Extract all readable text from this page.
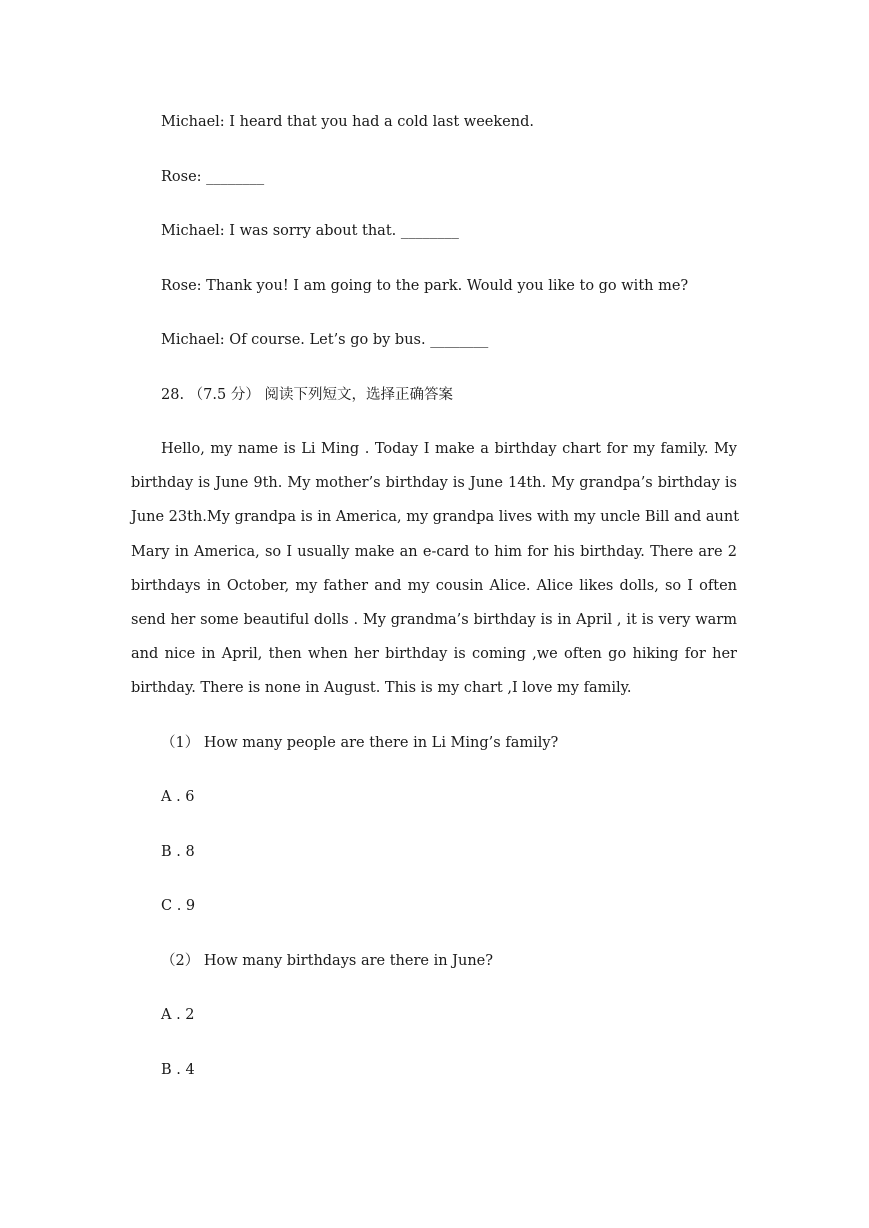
Michael: I heard that you had a cold last weekend.
Rose: ________
Michael: I was sorry about that. ________
Rose: Thank you! I am going to the park. Would you like to go with me?
Michael: Of course. Let’s go by bus. ________
28. （7.5 分） 阅读下列短文，选择正确答案
Hello, my name is Li Ming . Today I make a birthday chart for my family. My
birthday is June 9th. My mother’s birthday is June 14th. My grandpa’s birthday is
June 23th.My grandpa is in America, my grandpa lives with my uncle Bill and aunt
Mary in America, so I usually make an e-card to him for his birthday. There are 2
birthdays in October, my father and my cousin Alice. Alice likes dolls, so I often
send her some beautiful dolls . My grandma’s birthday is in April , it is very warm
and nice in April, then when her birthday is coming ,we often go hiking for her
birthday. There is none in August. This is my chart ,I love my family.
（1） How many people are there in Li Ming’s family?
A . 6
B . 8
C . 9
（2） How many birthdays are there in June?
A . 2
B . 4
